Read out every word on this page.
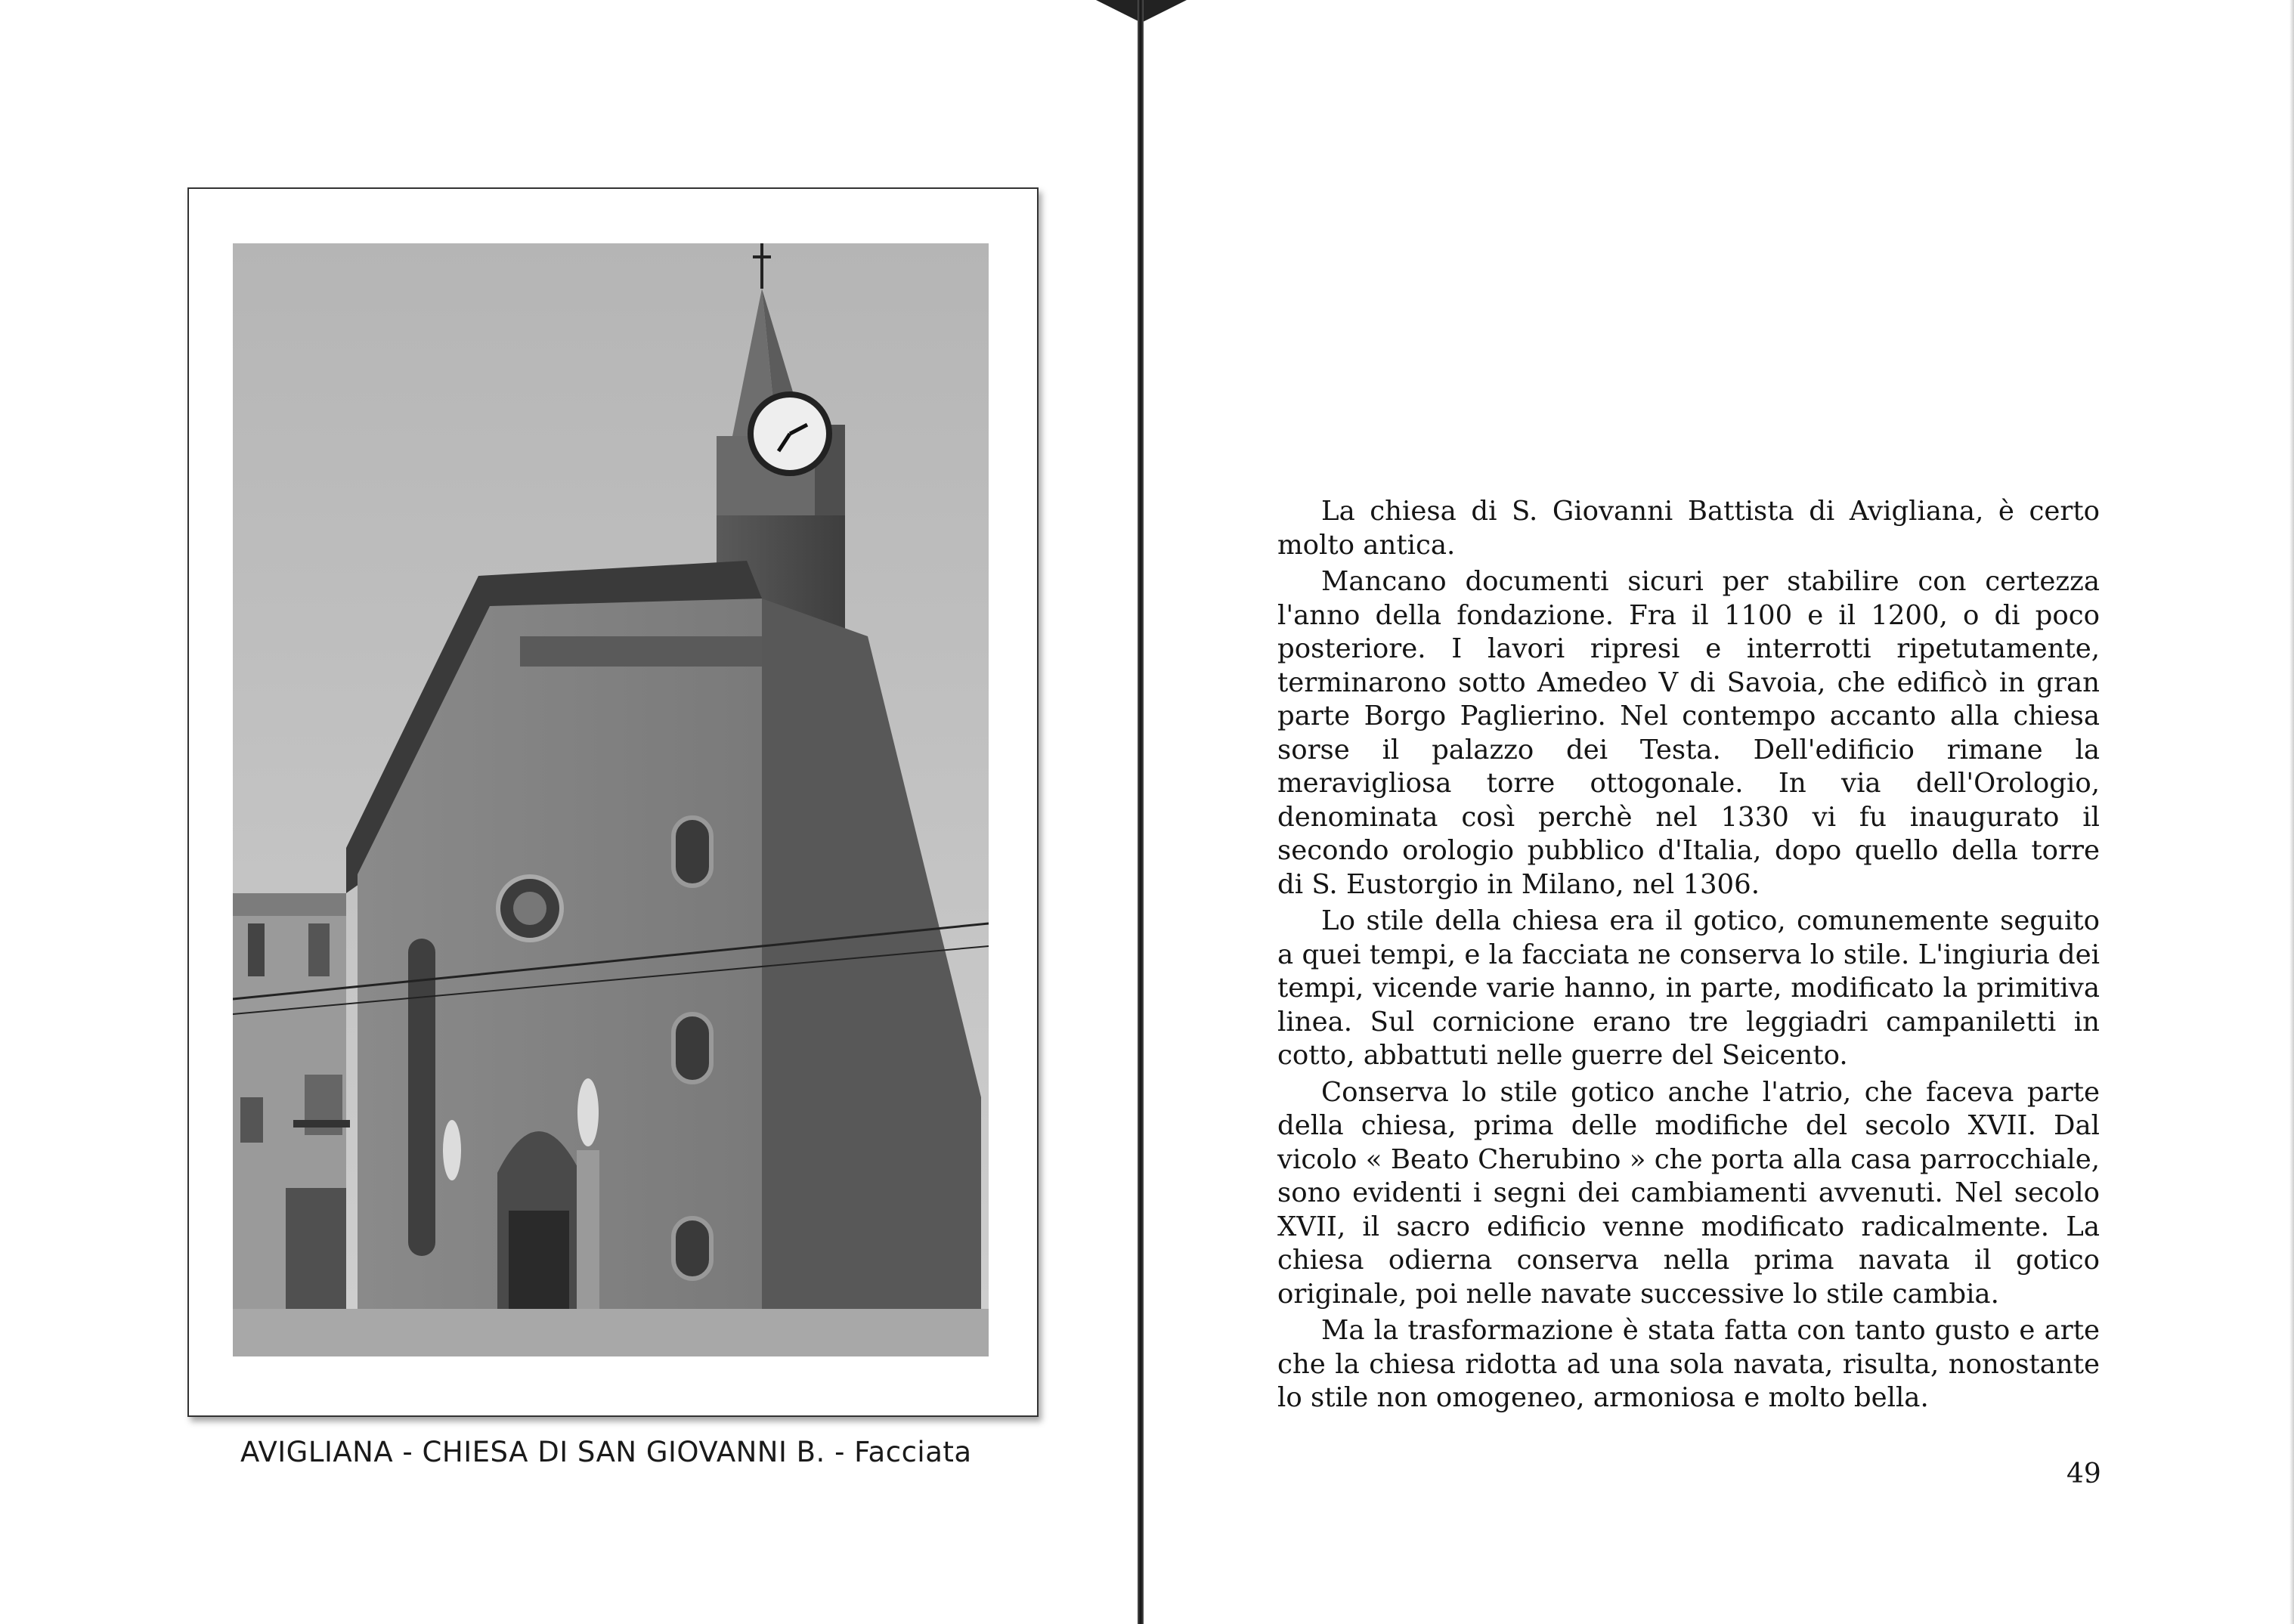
AVIGLIANA - CHIESA DI SAN GIOVANNI B. - Facciata

La chiesa di S. Giovanni Battista di Avigliana, è certo molto antica.

Mancano documenti sicuri per stabilire con certezza l'anno della fondazione. Fra il 1100 e il 1200, o di poco posteriore. I lavori ripresi e interrotti ripetutamente, terminarono sotto Amedeo V di Savoia, che edificò in gran parte Borgo Paglierino. Nel contempo accanto alla chiesa sorse il palazzo dei Testa. Dell'edificio rimane la meravigliosa torre ottogonale. In via dell'Orologio, denominata così perchè nel 1330 vi fu inaugurato il secondo orologio pubblico d'Italia, dopo quello della torre di S. Eustorgio in Milano, nel 1306.

Lo stile della chiesa era il gotico, comunemente seguito a quei tempi, e la facciata ne conserva lo stile. L'ingiuria dei tempi, vicende varie hanno, in parte, modificato la primitiva linea. Sul cornicione erano tre leggiadri campaniletti in cotto, abbattuti nelle guerre del Seicento.

Conserva lo stile gotico anche l'atrio, che faceva parte della chiesa, prima delle modifiche del secolo XVII. Dal vicolo « Beato Cherubino » che porta alla casa parrocchiale, sono evidenti i segni dei cambiamenti avvenuti. Nel secolo XVII, il sacro edificio venne modificato radicalmente. La chiesa odierna conserva nella prima navata il gotico originale, poi nelle navate successive lo stile cambia.

Ma la trasformazione è stata fatta con tanto gusto e arte che la chiesa ridotta ad una sola navata, risulta, nonostante lo stile non omogeneo, armoniosa e molto bella.

49
